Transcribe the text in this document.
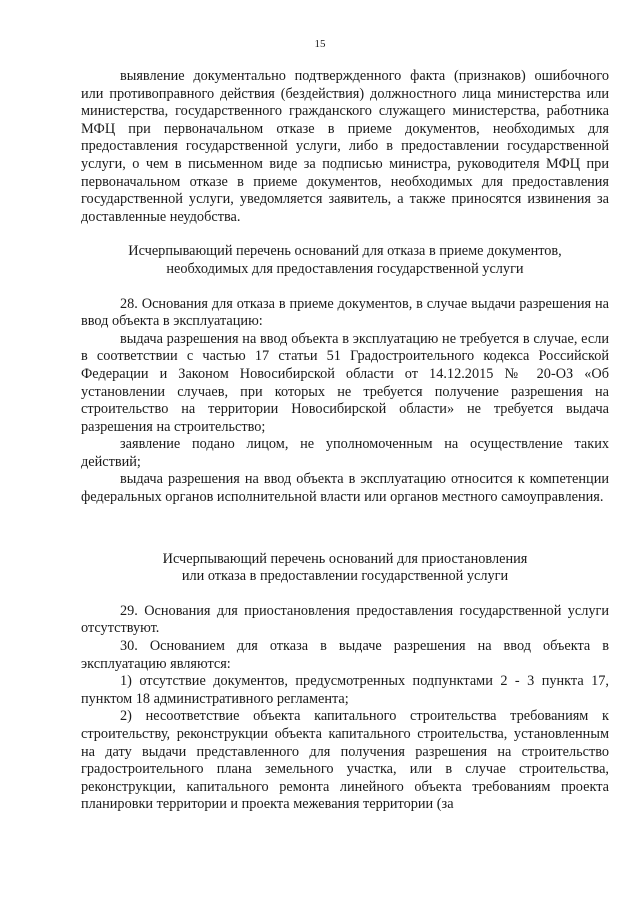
15

выявление документально подтвержденного факта (признаков) ошибочного или противоправного действия (бездействия) должностного лица министерства или министерства, государственного гражданского служащего министерства, работника МФЦ при первоначальном отказе в приеме документов, необходимых для предоставления государственной услуги, либо в предоставлении государственной услуги, о чем в письменном виде за подписью министра, руководителя МФЦ при первоначальном отказе в приеме документов, необходимых для предоставления государственной услуги, уведомляется заявитель, а также приносятся извинения за доставленные неудобства.

Исчерпывающий перечень оснований для отказа в приеме документов,

необходимых для предоставления государственной услуги

28. Основания для отказа в приеме документов, в случае выдачи разрешения на ввод объекта в эксплуатацию:

выдача разрешения на ввод объекта в эксплуатацию не требуется в случае, если в соответствии с частью 17 статьи 51 Градостроительного кодекса Российской Федерации и Законом Новосибирской области от 14.12.2015 № 20-ОЗ «Об установлении случаев, при которых не требуется получение разрешения на строительство на территории Новосибирской области» не требуется выдача разрешения на строительство;

заявление подано лицом, не уполномоченным на осуществление таких действий;

выдача разрешения на ввод объекта в эксплуатацию относится к компетенции федеральных органов исполнительной власти или органов местного самоуправления.

Исчерпывающий перечень оснований для приостановления

или отказа в предоставлении государственной услуги

29. Основания для приостановления предоставления государственной услуги отсутствуют.

30. Основанием для отказа в выдаче разрешения на ввод объекта в эксплуатацию являются:

1) отсутствие документов, предусмотренных подпунктами 2 - 3 пункта 17, пунктом 18 административного регламента;

2) несоответствие объекта капитального строительства требованиям к строительству, реконструкции объекта капитального строительства, установленным на дату выдачи представленного для получения разрешения на строительство градостроительного плана земельного участка, или в случае строительства, реконструкции, капитального ремонта линейного объекта требованиям проекта планировки территории и проекта межевания территории (за
